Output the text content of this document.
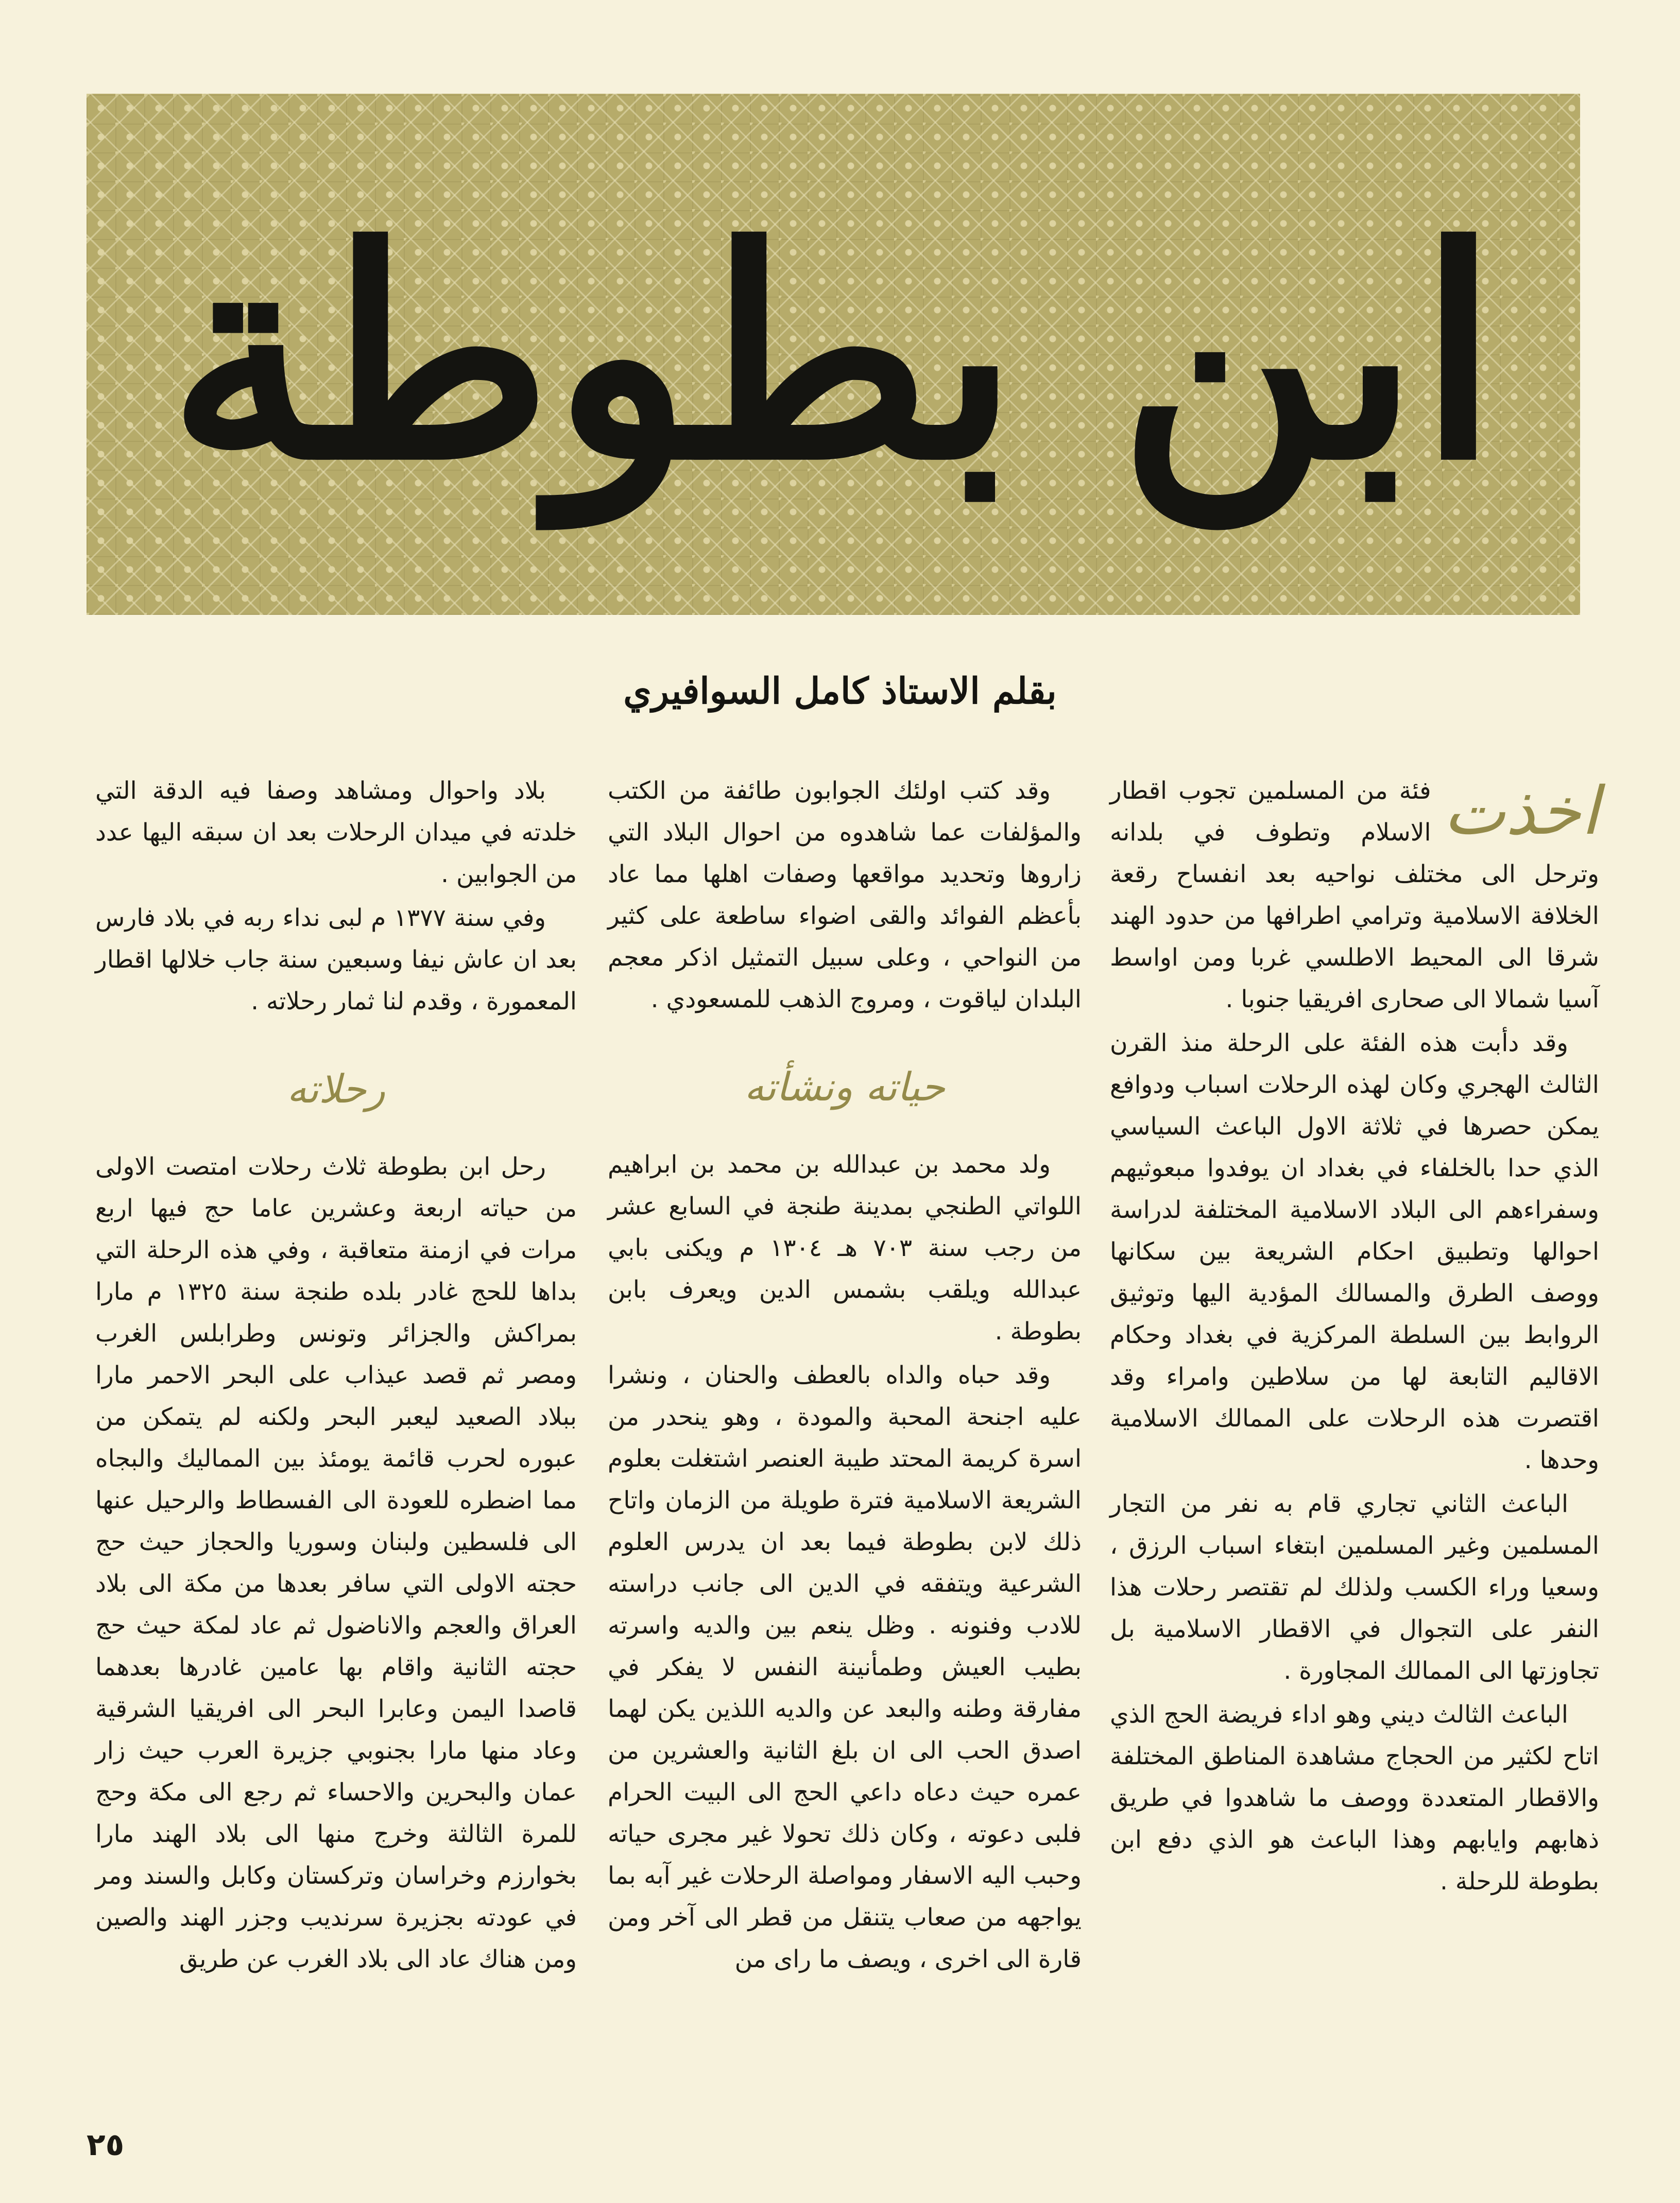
ابن بطوطة
بقلم الاستاذ كامل السوافيري

اخذت
فئة من المسلمين تجوب اقطار الاسلام وتطوف في بلدانه وترحل الى مختلف نواحيه بعد انفساح رقعة الخلافة الاسلامية وترامي اطرافها من حدود الهند شرقا الى المحيط الاطلسي غربا ومن اواسط آسيا شمالا الى صحارى افريقيا جنوبا .

وقد دأبت هذه الفئة على الرحلة منذ القرن الثالث الهجري وكان لهذه الرحلات اسباب ودوافع يمكن حصرها في ثلاثة الاول الباعث السياسي الذي حدا بالخلفاء في بغداد ان يوفدوا مبعوثيهم وسفراءهم الى البلاد الاسلامية المختلفة لدراسة احوالها وتطبيق احكام الشريعة بين سكانها ووصف الطرق والمسالك المؤدية اليها وتوثيق الروابط بين السلطة المركزية في بغداد وحكام الاقاليم التابعة لها من سلاطين وامراء وقد اقتصرت هذه الرحلات على الممالك الاسلامية وحدها .

الباعث الثاني تجاري قام به نفر من التجار المسلمين وغير المسلمين ابتغاء اسباب الرزق ، وسعيا وراء الكسب ولذلك لم تقتصر رحلات هذا النفر على التجوال في الاقطار الاسلامية بل تجاوزتها الى الممالك المجاورة .

الباعث الثالث ديني وهو اداء فريضة الحج الذي اتاح لكثير من الحجاج مشاهدة المناطق المختلفة والاقطار المتعددة ووصف ما شاهدوا في طريق ذهابهم وايابهم وهذا الباعث هو الذي دفع ابن بطوطة للرحلة .

وقد كتب اولئك الجوابون طائفة من الكتب والمؤلفات عما شاهدوه من احوال البلاد التي زاروها وتحديد مواقعها وصفات اهلها مما عاد بأعظم الفوائد والقى اضواء ساطعة على كثير من النواحي ، وعلى سبيل التمثيل اذكر معجم البلدان لياقوت ، ومروج الذهب للمسعودي .

حياته ونشأته

ولد محمد بن عبدالله بن محمد بن ابراهيم اللواتي الطنجي بمدينة طنجة في السابع عشر من رجب سنة ٧٠٣ هـ ١٣٠٤ م ويكنى بابي عبدالله ويلقب بشمس الدين ويعرف بابن بطوطة .

وقد حباه والداه بالعطف والحنان ، ونشرا عليه اجنحة المحبة والمودة ، وهو ينحدر من اسرة كريمة المحتد طيبة العنصر اشتغلت بعلوم الشريعة الاسلامية فترة طويلة من الزمان واتاح ذلك لابن بطوطة فيما بعد ان يدرس العلوم الشرعية ويتفقه في الدين الى جانب دراسته للادب وفنونه . وظل ينعم بين والديه واسرته بطيب العيش وطمأنينة النفس لا يفكر في مفارقة وطنه والبعد عن والديه اللذين يكن لهما اصدق الحب الى ان بلغ الثانية والعشرين من عمره حيث دعاه داعي الحج الى البيت الحرام فلبى دعوته ، وكان ذلك تحولا غير مجرى حياته وحبب اليه الاسفار ومواصلة الرحلات غير آبه بما يواجهه من صعاب يتنقل من قطر الى آخر ومن قارة الى اخرى ، ويصف ما راى من

بلاد واحوال ومشاهد وصفا فيه الدقة التي خلدته في ميدان الرحلات بعد ان سبقه اليها عدد من الجوابين .

وفي سنة ١٣٧٧ م لبى نداء ربه في بلاد فارس بعد ان عاش نيفا وسبعين سنة جاب خلالها اقطار المعمورة ، وقدم لنا ثمار رحلاته .

رحلاته

رحل ابن بطوطة ثلاث رحلات امتصت الاولى من حياته اربعة وعشرين عاما حج فيها اربع مرات في ازمنة متعاقبة ، وفي هذه الرحلة التي بداها للحج غادر بلده طنجة سنة ١٣٢٥ م مارا بمراكش والجزائر وتونس وطرابلس الغرب ومصر ثم قصد عيذاب على البحر الاحمر مارا ببلاد الصعيد ليعبر البحر ولكنه لم يتمكن من عبوره لحرب قائمة يومئذ بين المماليك والبجاه مما اضطره للعودة الى الفسطاط والرحيل عنها الى فلسطين ولبنان وسوريا والحجاز حيث حج حجته الاولى التي سافر بعدها من مكة الى بلاد العراق والعجم والاناضول ثم عاد لمكة حيث حج حجته الثانية واقام بها عامين غادرها بعدهما قاصدا اليمن وعابرا البحر الى افريقيا الشرقية وعاد منها مارا بجنوبي جزيرة العرب حيث زار عمان والبحرين والاحساء ثم رجع الى مكة وحج للمرة الثالثة وخرج منها الى بلاد الهند مارا بخوارزم وخراسان وتركستان وكابل والسند ومر في عودته بجزيرة سرنديب وجزر الهند والصين ومن هناك عاد الى بلاد الغرب عن طريق

٢٥
